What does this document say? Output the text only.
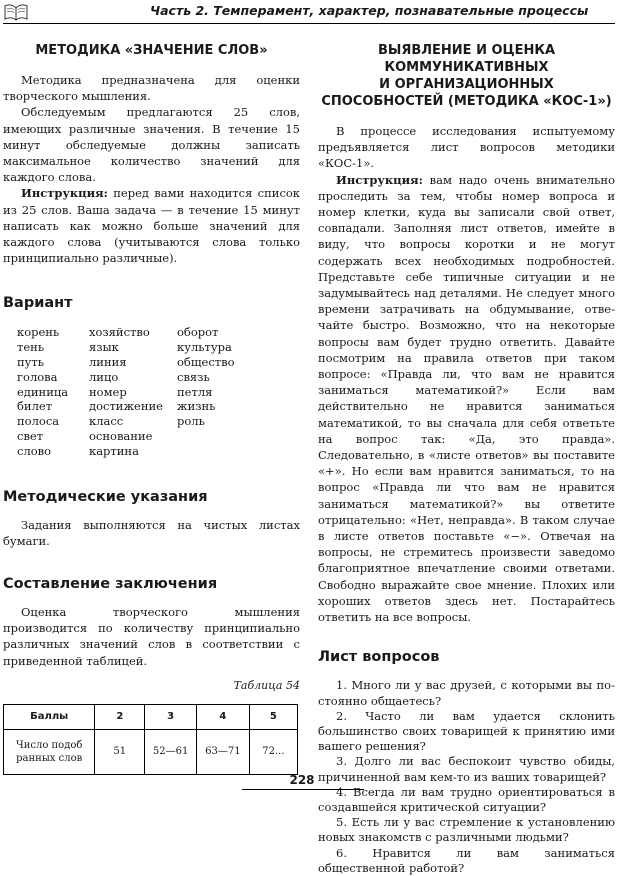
Часть 2. Темперамент, характер, познавательные процессы
МЕТОДИКА «ЗНАЧЕНИЕ СЛОВ»

Методика предназначена для оценки творческого мышления.

Обследуемым предлагаются 25 слов, имеющих различные значения. В течение 15 минут обследуемые должны записать максимальное количество значений для каждого слова.

Инструкция: перед вами находится список из 25 слов. Ваша задача — в течение 15 минут написать как можно больше значений для каждого слова (учитываются слова только принципиально различные).

Вариант
корень	хозяйство	оборот
тень	язык	культура
путь	линия	общество
голова	лицо	связь
единица	номер	петля
билет	достижение	жизнь
полоса	класс	роль
свет	основание
слово	картина
Методические указания

Задания выполняются на чистых листах бумаги.

Составление заключения

Оценка творческого мышления производится по количеству принципиально различных значений слов в соответствии с приведенной таблицей.

Таблица 54
Баллы	2	3	4	5
Число подоб
ранных слов	51	52—61	63—71	72...
ВЫЯВЛЕНИЕ И ОЦЕНКА
КОММУНИКАТИВНЫХ
И ОРГАНИЗАЦИОННЫХ
СПОСОБНОСТЕЙ (МЕТОДИКА «КОС-1»)

В процессе исследования испытуемому предъявляется лист вопросов методики «КОС-1».

Инструкция: вам надо очень внимательно проследить за тем, чтобы номер вопроса и номер клетки, куда вы записали свой ответ, совпадали. Заполняя лист ответов, имейте в виду, что вопросы коротки и не могут содержать всех необходимых подробностей. Представьте себе типичные ситуации и не задумывайтесь над деталями. Не следует много времени затрачивать на обдумывание, отвечайте быстро. Возможно, что на некоторые вопросы вам будет трудно ответить. Давайте посмотрим на правила ответов при таком вопросе: «Правда ли, что вам не нравится заниматься математикой?» Если вам действительно не нравится заниматься математикой, то вы сначала для себя ответьте на вопрос так: «Да, это правда». Следовательно, в «листе ответов» вы поставите «+». Но если вам нравится заниматься, то на вопрос «Правда ли что вам не нравится заниматься математикой?» вы ответите отрицательно: «Нет, неправда». В таком случае в листе ответов поставьте «−». Отвечая на вопросы, не стремитесь произвести заведомо благоприятное впечатление своими ответами. Свободно выражайте свое мнение. Плохих или хороших ответов здесь нет. Постарайтесь ответить на все вопросы.

Лист вопросов

1. Много ли у вас друзей, с которыми вы постоянно общаетесь?

2. Часто ли вам удается склонить большинство своих товарищей к принятию ими вашего решения?

3. Долго ли вас беспокоит чувство обиды, причиненной вам кем-то из ваших товарищей?

4. Всегда ли вам трудно ориентироваться в создавшейся критической ситуации?

5. Есть ли у вас стремление к установлению новых знакомств с различными людьми?

6. Нравится ли вам заниматься общественной работой?

228
